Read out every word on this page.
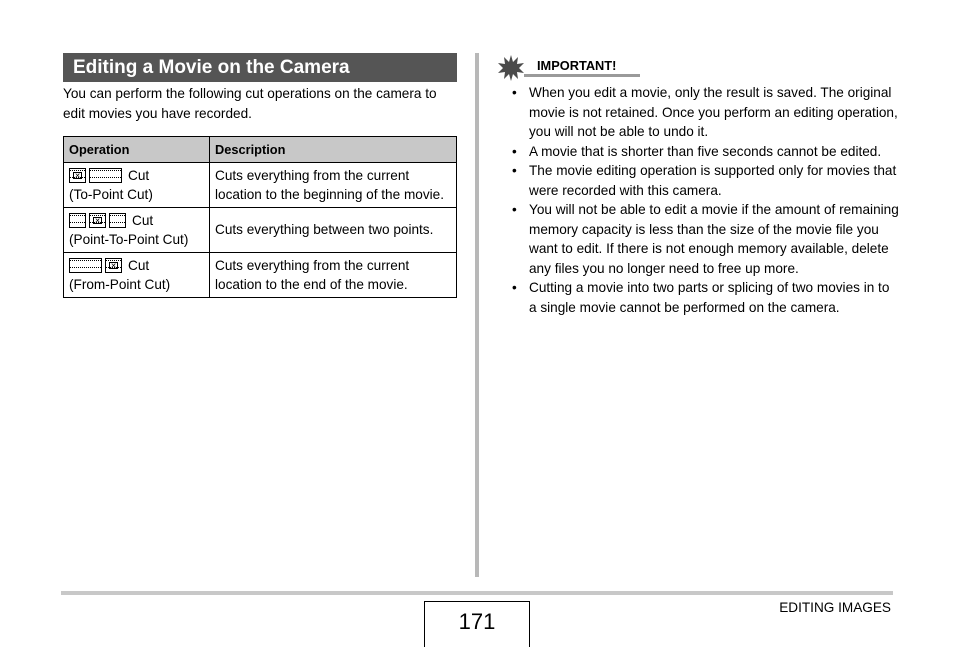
Editing a Movie on the Camera

You can perform the following cut operations on the camera to edit movies you have recorded.

Operation	Description

✕ Cut
(To-Point Cut)	Cuts everything from the current location to the beginning of the movie.

✕ Cut
(Point-To-Point Cut)	Cuts everything between two points.

✕ Cut
(From-Point Cut)	Cuts everything from the current location to the end of the movie.
IMPORTANT!
• When you edit a movie, only the result is saved. The original movie is not retained. Once you perform an editing operation, you will not be able to undo it.
• A movie that is shorter than five seconds cannot be edited.
• The movie editing operation is supported only for movies that were recorded with this camera.
• You will not be able to edit a movie if the amount of remaining memory capacity is less than the size of the movie file you want to edit. If there is not enough memory available, delete any files you no longer need to free up more.
• Cutting a movie into two parts or splicing of two movies in to a single movie cannot be performed on the camera.
171
EDITING IMAGES
